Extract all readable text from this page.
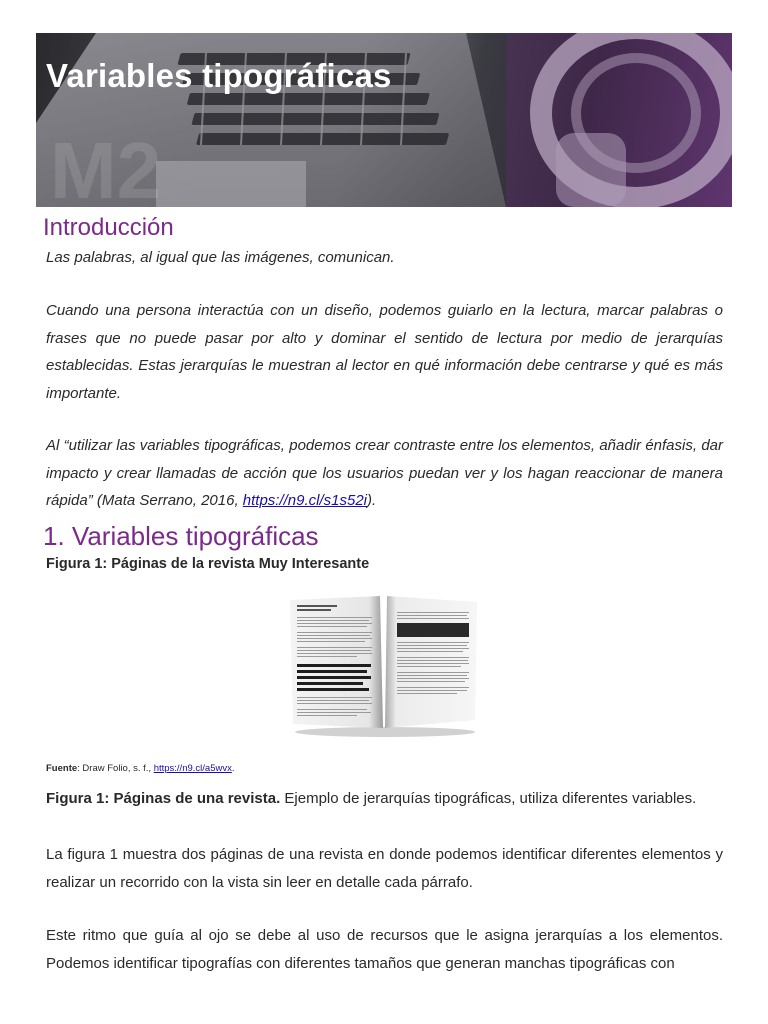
M2
Variables tipográficas
Introducción

Las palabras, al igual que las imágenes, comunican.

Cuando una persona interactúa con un diseño, podemos guiarlo en la lectura, marcar palabras o frases que no puede pasar por alto y dominar el sentido de lectura por medio de jerarquías establecidas. Estas jerarquías le muestran al lector en qué información debe centrarse y qué es más importante.

Al “utilizar las variables tipográficas, podemos crear contraste entre los elementos, añadir énfasis, dar impacto y crear llamadas de acción que los usuarios puedan ver y los hagan reaccionar de manera rápida” (Mata Serrano, 2016, https://n9.cl/s1s52i).

1. Variables tipográficas
Figura 1: Páginas de la revista Muy Interesante
Fuente: Draw Folio, s. f., https://n9.cl/a5wvx.
Figura 1: Páginas de una revista. Ejemplo de jerarquías tipográficas, utiliza diferentes variables.

La figura 1 muestra dos páginas de una revista en donde podemos identificar diferentes elementos y realizar un recorrido con la vista sin leer en detalle cada párrafo.

Este ritmo que guía al ojo se debe al uso de recursos que le asigna jerarquías a los elementos. Podemos identificar tipografías con diferentes tamaños que generan manchas tipográficas con
